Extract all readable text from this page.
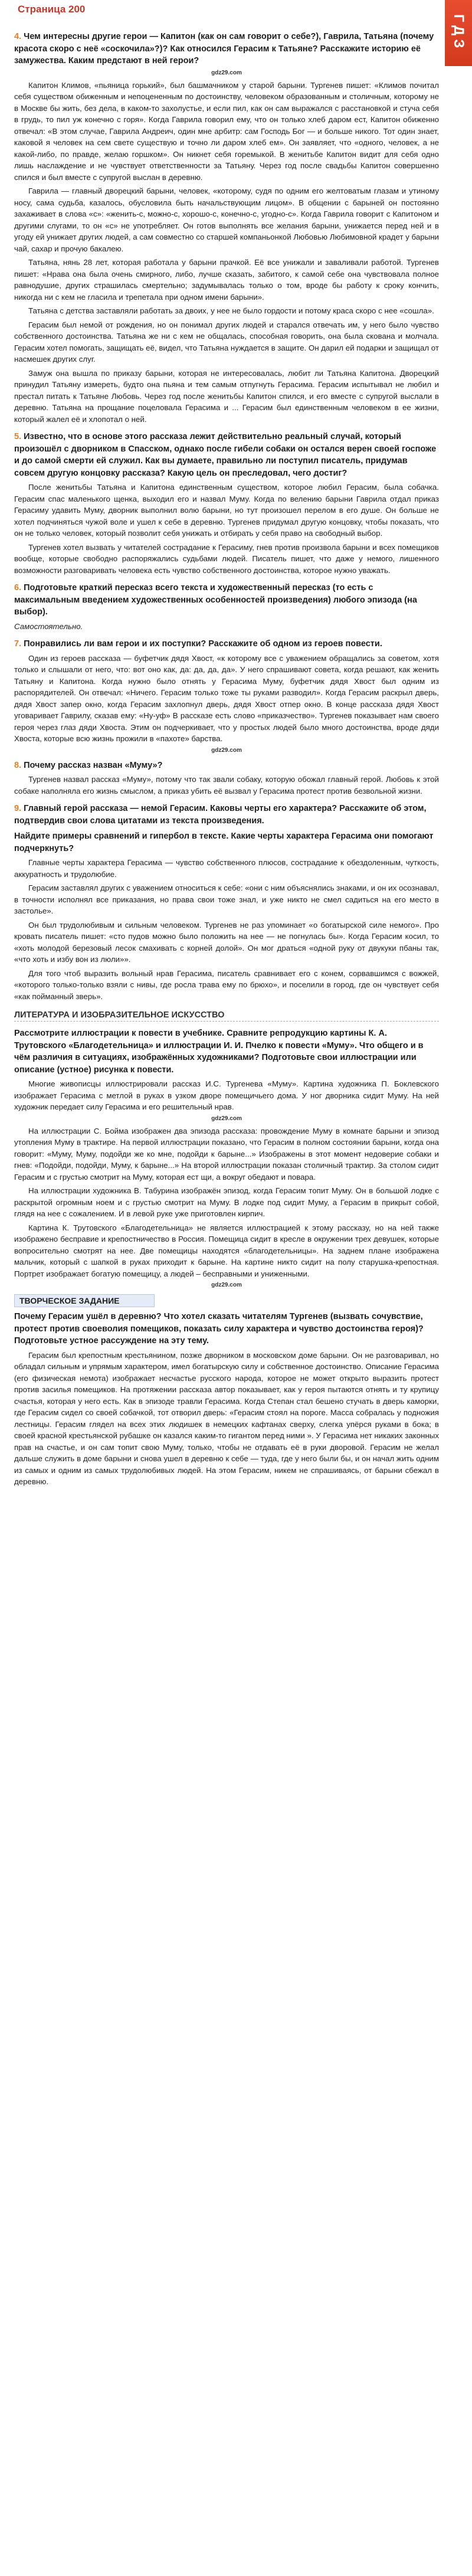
Страница 200
ГДЗ
4. Чем интересны другие герои — Капитон (как он сам говорит о себе?), Гаврила, Татьяна (почему красота скоро с неё «соскочила»?)? Как относился Герасим к Татьяне? Расскажите историю её замужества. Каким предстают в ней герои?
gdz29.com

Капитон Климов, «пьяница горький», был башмачником у старой барыни. Тургенев пишет: «Климов почитал себя существом обиженным и непоцененным по достоинству, человеком образованным и столичным, которому не в Москве бы жить, без дела, в каком-то захолустье, и если пил, как он сам выражался с расстановкой и стуча себя в грудь, то пил уж конечно с горя». Когда Гаврила говорил ему, что он только хлеб даром ест, Капитон обиженно отвечал: «В этом случае, Гаврила Андреич, один мне арбитр: сам Господь Бог — и больше никого. Тот один знает, каковой я человек на сем свете существую и точно ли даром хлеб ем». Он заявляет, что «одного, человек, а не какой-либо, по правде, желаю горшком». Он никнет себя горемыкой. В женитьбе Капитон видит для себя одно лишь наслаждение и не чувствует ответственности за Татьяну. Через год после свадьбы Капитон совершенно спился и был вместе с супругой выслан в деревню.

Гаврила — главный дворецкий барыни, человек, «которому, судя по одним его желтоватым глазам и утиному носу, сама судьба, казалось, обусловила быть начальствующим лицом». В общении с барыней он постоянно захаживает в слова «с»: «женить-с, можно-с, хорошо-с, конечно-с, угодно-с». Когда Гаврила говорит с Капитоном и другими слугами, то он «с» не употребляет. Он готов выполнять все желания барыни, унижается перед ней и в угоду ей унижает других людей, а сам совместно со старшей компаньонкой Любовью Любимовной крадет у барыни чай, сахар и прочую бакалею.

Татьяна, нянь 28 лет, которая работала у барыни прачкой. Её все унижали и заваливали работой. Тургенев пишет: «Нрава она была очень смирного, либо, лучше сказать, забитого, к самой себе она чувствовала полное равнодушие, других страшилась смертельно; задумывалась только о том, вроде бы работу к сроку кончить, никогда ни с кем не гласила и трепетала при одном имени барыни».

Татьяна с детства заставляли работать за двоих, у нее не было гордости и потому краса скоро с нее «сошла».

Герасим был немой от рождения, но он понимал других людей и старался отвечать им, у него было чувство собственного достоинства. Татьяна же ни с кем не общалась, способная говорить, она была скована и молчала. Герасим хотел помогать, защищать её, видел, что Татьяна нуждается в защите. Он дарил ей подарки и защищал от насмешек других слуг.

Замуж она вышла по приказу барыни, которая не интересовалась, любит ли Татьяна Капитона. Дворецкий принудил Татьяну измереть, будто она пьяна и тем самым отпугнуть Герасима. Герасим испытывал не любил и престал питать к Татьяне Любовь. Через год после женитьбы Капитон спился, и его вместе с супругой выслали в деревню. Татьяна на прощание поцеловала Герасима и ... Герасим был единственным человеком в ее жизни, который жалел её и хлопотал о ней.

5. Известно, что в основе этого рассказа лежит действительно реальный случай, который произошёл с дворником в Спасском, однако после гибели собаки он остался верен своей госпоже и до самой смерти ей служил. Как вы думаете, правильно ли поступил писатель, придумав совсем другую концовку рассказа? Какую цель он преследовал, чего достиг?

После женитьбы Татьяна и Капитона единственным существом, которое любил Герасим, была собачка. Герасим спас маленького щенка, выходил его и назвал Муму. Когда по велению барыни Гаврила отдал приказ Герасиму удавить Муму, дворник выполнил волю барыни, но тут произошел перелом в его душе. Он больше не хотел подчиняться чужой воле и ушел к себе в деревню. Тургенев придумал другую концовку, чтобы показать, что он не только человек, который позволит себя унижать и отбирать у себя право на свободный выбор.

Тургенев хотел вызвать у читателей сострадание к Герасиму, гнев против произвола барыни и всех помещиков вообще, которые свободно распоряжались судьбами людей. Писатель пишет, что даже у немого, лишенного возможности разговаривать человека есть чувство собственного достоинства, которое нужно уважать.

6. Подготовьте краткий пересказ всего текста и художественный пересказ (то есть с максимальным введением художественных особенностей произведения) любого эпизода (на выбор).

Самостоятельно.

7. Понравились ли вам герои и их поступки? Расскажите об одном из героев повести.

Один из героев рассказа — буфетчик дядя Хвост, «к которому все с уважением обращались за советом, хотя только и слышали от него, что: вот оно как, да: да, да, да». У него спрашивают совета, когда решают, как женить Татьяну и Капитона. Когда нужно было отнять у Герасима Муму, буфетчик дядя Хвост был одним из распорядителей. Он отвечал: «Ничего. Герасим только тоже ты руками разводил». Когда Герасим раскрыл дверь, дядя Хвост запер окно, когда Герасим захлопнул дверь, дядя Хвост отпер окно. В конце рассказа дядя Хвост уговаривает Гаврилу, сказав ему: «Ну-уф» В рассказе есть слово «приказчество». Тургенев показывает нам своего героя через глаз дяди Хвоста. Этим он подчеркивает, что у простых людей было много достоинства, вроде дяди Хвоста, которые всю жизнь прожили в «пахоте» барства.

gdz29.com
8. Почему рассказ назван «Муму»?

Тургенев назвал рассказ «Муму», потому что так звали собаку, которую обожал главный герой. Любовь к этой собаке наполняла его жизнь смыслом, а приказ убить её вызвал у Герасима протест против безвольной жизни.

9. Главный герой рассказа — немой Герасим. Каковы черты его характера? Расскажите об этом, подтвердив свои слова цитатами из текста произведения.
Найдите примеры сравнений и гипербол в тексте. Какие черты характера Герасима они помогают подчеркнуть?

Главные черты характера Герасима — чувство собственного плюсов, сострадание к обездоленным, чуткость, аккуратность и трудолюбие.

Герасим заставлял других с уважением относиться к себе: «они с ним объяснялись знаками, и он их осознавал, в точности исполнял все приказания, но права свои тоже знал, и уже никто не смел садиться на его место в застолье».

Он был трудолюбивым и сильным человеком. Тургенев не раз упоминает «о богатырской силе немого». Про кровать писатель пишет: «сто пудов можно было положить на нее — не погнулась бы». Когда Герасим косил, то «хоть молодой березовый лесок смахивать с корней долой». Он мог драться «одной руку от двукуки пбаны так, «что хоть и избу вон из люли»».

Для того чтоб выразить вольный нрав Герасима, писатель сравнивает его с конем, сорвавшимся с вожжей, «которого только-только взяли с нивы, где росла трава ему по брюхо», и поселили в город, где он чувствует себя «как пойманный зверь».

ЛИТЕРАТУРА И ИЗОБРАЗИТЕЛЬНОЕ ИСКУССТВО
Рассмотрите иллюстрации к повести в учебнике. Сравните репродукцию картины К. А. Трутовского «Благодетельница» и иллюстрации И. И. Пчелко к повести «Муму». Что общего и в чём различия в ситуациях, изображённых художниками? Подготовьте свои иллюстрации или описание (устное) рисунка к повести.

Многие живописцы иллюстрировали рассказ И.С. Тургенева «Муму». Картина художника П. Боклевского изображает Герасима с метлой в руках в узком дворе помещичьего дома. У ног дворника сидит Муму. На ней художник передает силу Герасима и его решительный нрав.

gdz29.com

На иллюстрации С. Бойма изображен два эпизода рассказа: провождение Муму в комнате барыни и эпизод утопления Муму в трактире. На первой иллюстрации показано, что Герасим в полном состоянии барыни, когда она говорит: «Муму, Муму, подойди же ко мне, подойди к барыне...» Изображены в этот момент недоверие собаки и гнев: «Подойди, подойди, Муму, к барыне...» На второй иллюстрации показан столичный трактир. За столом сидит Герасим и с грустью смотрит на Муму, которая ест щи, а вокруг обедают и повара.

На иллюстрации художника В. Табурина изображён эпизод, когда Герасим топит Муму. Он в большой лодке с раскрытой огромным ноем и с грустью смотрит на Муму. В лодке под сидит Муму, а Герасим в прикрыт собой, глядя на нее с сожалением. И в левой руке уже приготовлен кирпич.

Картина К. Трутовского «Благодетельница» не является иллюстрацией к этому рассказу, но на ней также изображено бесправие и крепостничество в Россия. Помещица сидит в кресле в окружении трех девушек, которые вопросительно смотрят на нее. Две помещицы находятся «благодетельницы». На заднем плане изображена мальчик, который с шапкой в руках приходит к барыне. На картине никто сидит на полу старушка-крепостная. Портрет изображает богатую помещицу, а людей – бесправными и униженными.

gdz29.com
ТВОРЧЕСКОЕ ЗАДАНИЕ
Почему Герасим ушёл в деревню? Что хотел сказать читателям Тургенев (вызвать сочувствие, протест против своеволия помещиков, показать силу характера и чувство достоинства героя)? Подготовьте устное рассуждение на эту тему.

Герасим был крепостным крестьянином, позже дворником в московском доме барыни. Он не разговаривал, но обладал сильным и упрямым характером, имел богатырскую силу и собственное достоинство. Описание Герасима (его физическая немота) изображает несчастье русского народа, которое не может открыто выразить протест против засилья помещиков. На протяжении рассказа автор показывает, как у героя пытаются отнять и ту крупицу счастья, которая у него есть. Как в эпизоде травли Герасима. Когда Степан стал бешено стучать в дверь каморки, где Герасим сидел со своей собачкой, тот отворил дверь: «Герасим стоял на пороге. Масса собралась у подножия лестницы. Герасим глядел на всех этих людишек в немецких кафтанах сверху, слегка упёрся руками в бока; в своей красной крестьянской рубашке он казался каким-то гигантом перед ними ». У Герасима нет никаких законных прав на счастье, и он сам топит свою Муму, только, чтобы не отдавать её в руки дворовой. Герасим не желал дальше служить в доме барыни и снова ушел в деревню к себе — туда, где у него были бы, и он начал жить одним из самых и одним из самых трудолюбивых людей. На этом Герасим, никем не спрашиваясь, от барыни сбежал в деревню.
